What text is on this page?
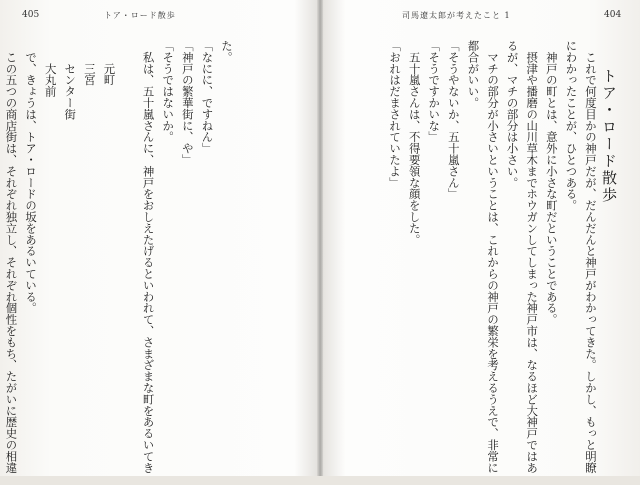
405	トア・ロード散歩
た。
「なにに、ですねん」
「神戸の繁華街に、や」
「そうではないか。
　私は、五十嵐さんに、神戸をおしえたげるといわれて、さまざまな町をあるいてき

　　元町
　　三宮
　　センター街
　　大丸前
　で、きょうは、トア・ロードの坂をあるいている。
　この五つの商店街は、それぞれ独立し、それぞれ個性をもち、たがいに歴史の相違

司馬遼太郎が考えたこと 1	404
　これで何度目かの神戸だが、だんだんと神戸がわかってきた。しかし、もっと明瞭
にわかったことが、ひとつある。
　神戸の町とは、意外に小さな町だということである。
　摂津や播磨の山川草木までホウガンしてしまった神戸市は、なるほど大神戸ではあ
るが、マチの部分は小さい。
　マチの部分が小さいということは、これからの神戸の繁栄を考えるうえで、非常に
都合がいい。
「そうやないか、五十嵐さん」
「そうですかいな」
　五十嵐さんは、不得要領な顔をした。
「おれはだまされていたよ」	トア・ロード散歩
